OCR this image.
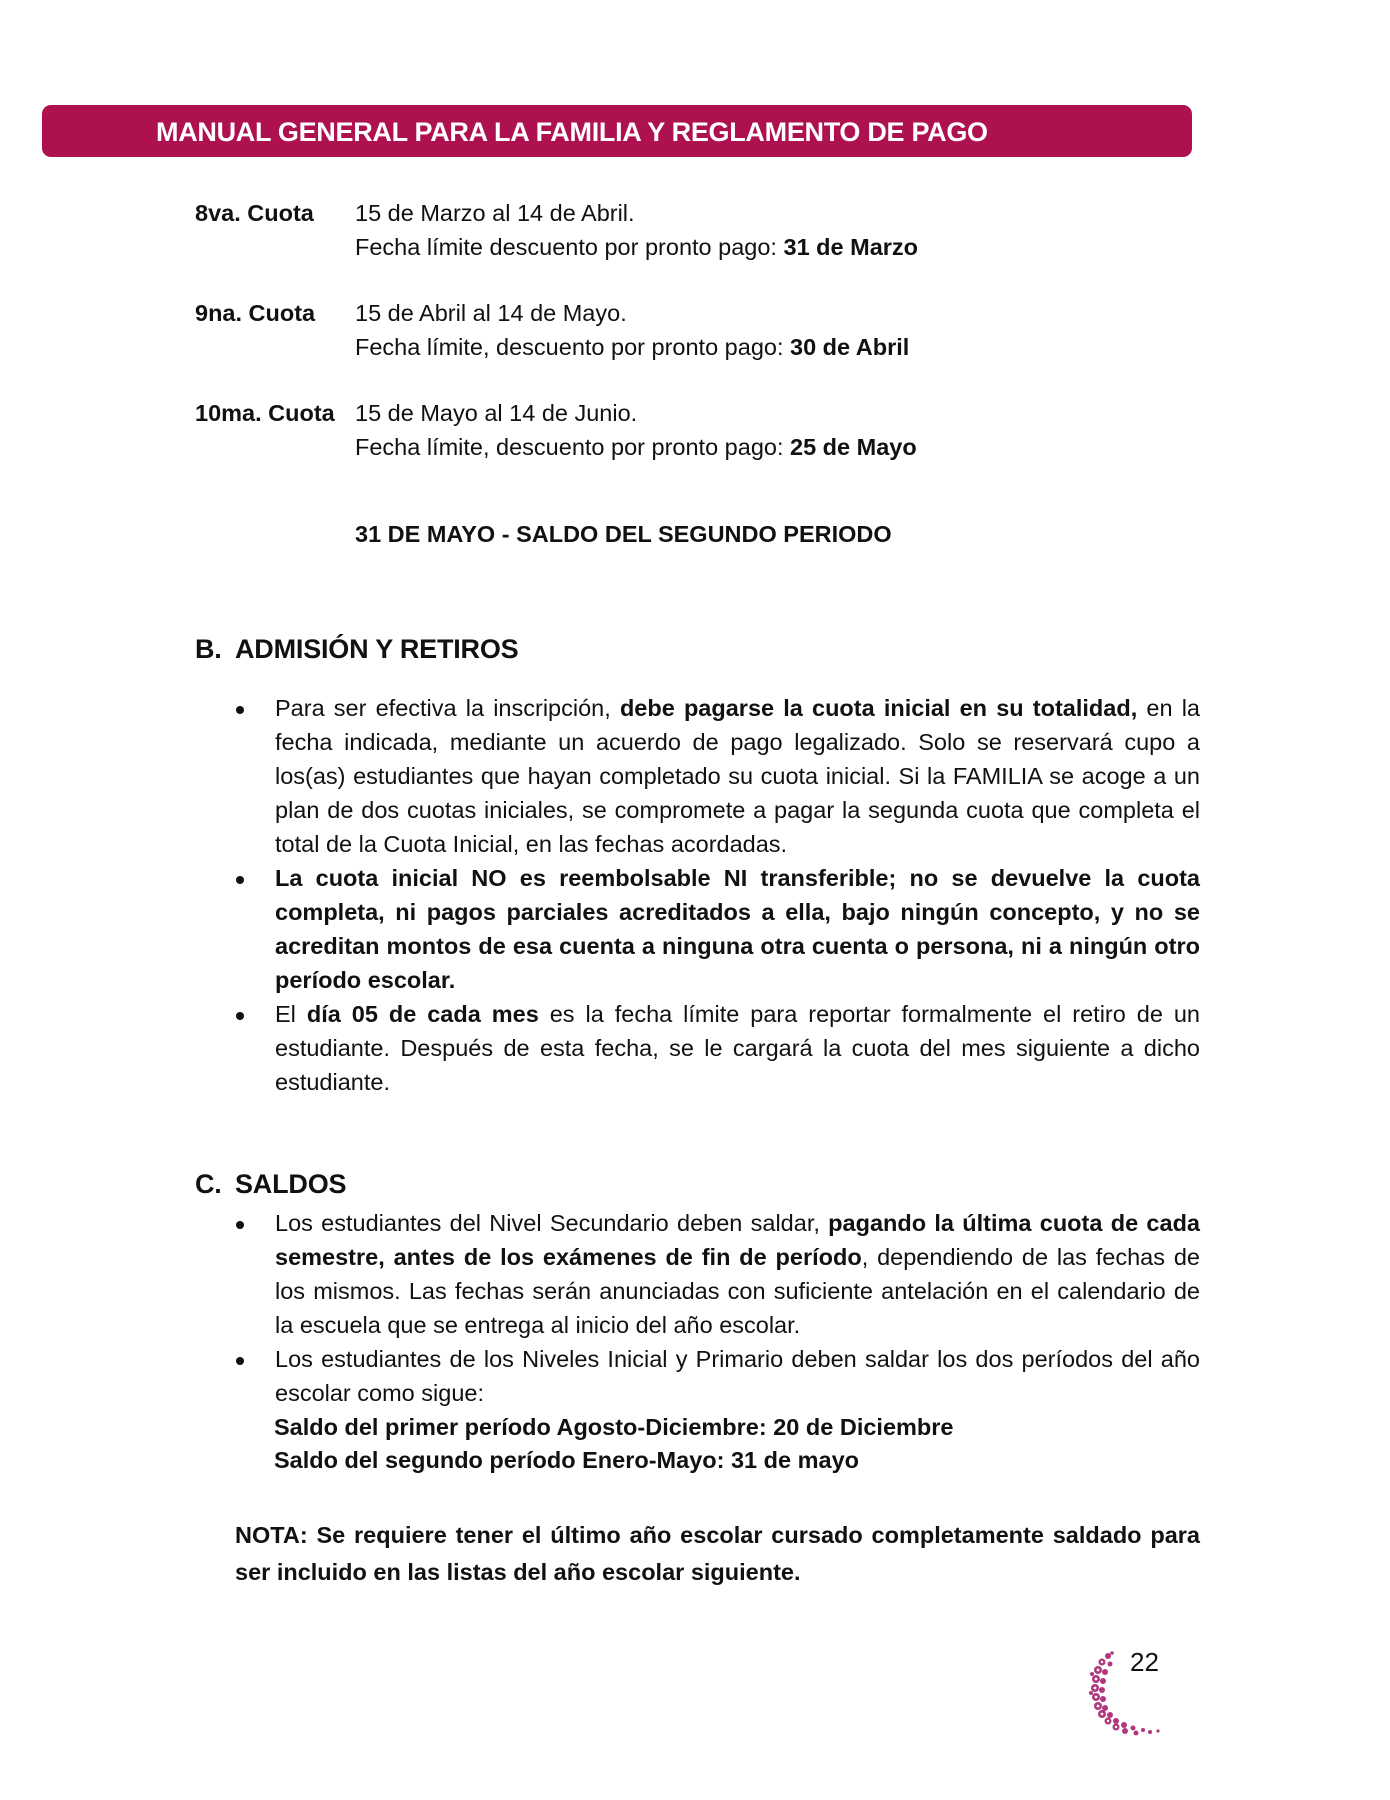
MANUAL GENERAL PARA LA FAMILIA Y REGLAMENTO DE PAGO
8va. Cuota 15 de Marzo al 14 de Abril.
Fecha límite descuento por pronto pago: 31 de Marzo
9na. Cuota 15 de Abril al 14 de Mayo.
Fecha límite, descuento por pronto pago: 30 de Abril
10ma. Cuota 15 de Mayo al 14 de Junio.
Fecha límite, descuento por pronto pago: 25 de Mayo
31 DE MAYO - SALDO DEL SEGUNDO PERIODO
B. ADMISIÓN Y RETIROS
Para ser efectiva la inscripción, debe pagarse la cuota inicial en su totalidad, en la fecha indicada, mediante un acuerdo de pago legalizado. Solo se reservará cupo a los(as) estudiantes que hayan completado su cuota inicial. Si la FAMILIA se acoge a un plan de dos cuotas iniciales, se compromete a pagar la segunda cuota que completa el total de la Cuota Inicial, en las fechas acordadas.
La cuota inicial NO es reembolsable NI transferible; no se devuelve la cuota completa, ni pagos parciales acreditados a ella, bajo ningún concepto, y no se acreditan montos de esa cuenta a ninguna otra cuenta o persona, ni a ningún otro período escolar.
El día 05 de cada mes es la fecha límite para reportar formalmente el retiro de un estudiante. Después de esta fecha, se le cargará la cuota del mes siguiente a dicho estudiante.
C. SALDOS
Los estudiantes del Nivel Secundario deben saldar, pagando la última cuota de cada semestre, antes de los exámenes de fin de período, dependiendo de las fechas de los mismos. Las fechas serán anunciadas con suficiente antelación en el calendario de la escuela que se entrega al inicio del año escolar.
Los estudiantes de los Niveles Inicial y Primario deben saldar los dos períodos del año escolar como sigue:
Saldo del primer período Agosto-Diciembre: 20 de Diciembre
Saldo del segundo período Enero-Mayo: 31 de mayo
NOTA: Se requiere tener el último año escolar cursado completamente saldado para ser incluido en las listas del año escolar siguiente.
22
